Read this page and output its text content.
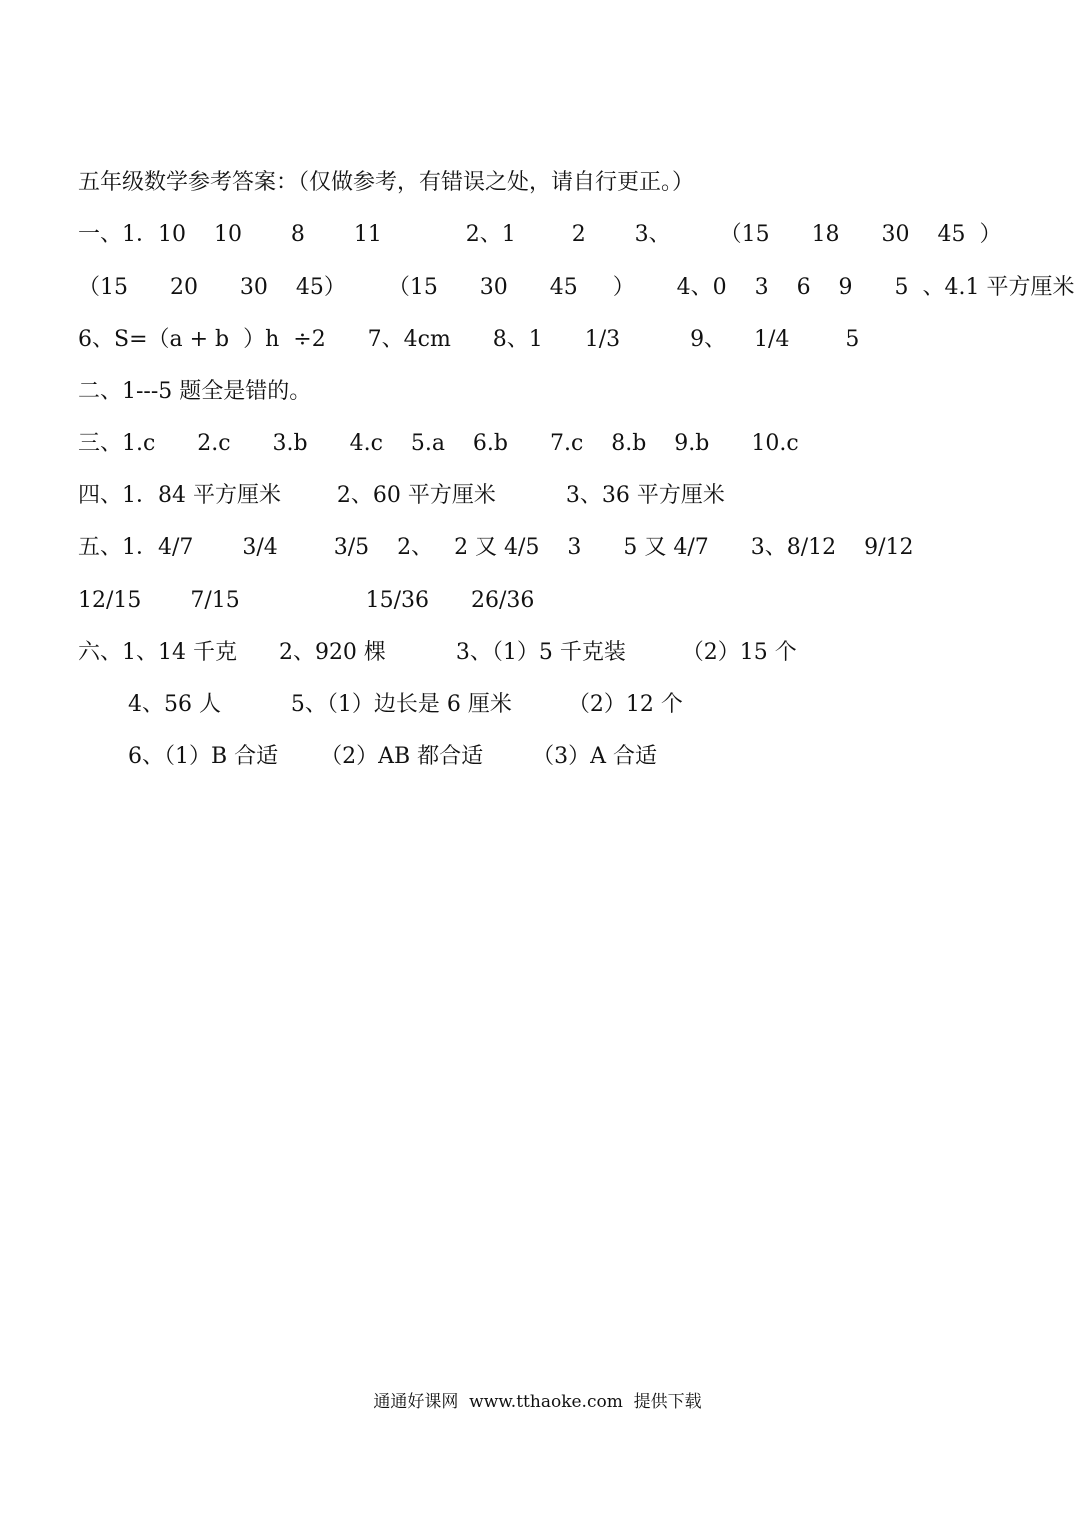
五年级数学参考答案：（仅做参考，有错误之处，请自行更正。）
一、1．10    10       8       11            2、1        2       3、       （15      18      30    45  ）
（15      20      30    45）      （15      30      45     ）      4、0    3    6    9      5  、4.1 平方厘米
6、S=（a + b  ）h  ÷2      7、4cm      8、1      1/3          9、    1/4        5
二、1---5 题全是错的。
三、1.c      2.c      3.b      4.c    5.a    6.b      7.c    8.b    9.b      10.c
四、1．84 平方厘米        2、60 平方厘米          3、36 平方厘米
五、1．4/7       3/4        3/5    2、   2 又 4/5    3      5 又 4/7      3、8/12    9/12
12/15       7/15                  15/36      26/36
六、1、14 千克      2、920 棵          3、（1）5 千克装        （2）15 个
4、56 人          5、（1）边长是 6 厘米        （2）12 个
6、（1）B 合适      （2）AB 都合适       （3）A 合适
通通好课网  www.tthaoke.com  提供下载
